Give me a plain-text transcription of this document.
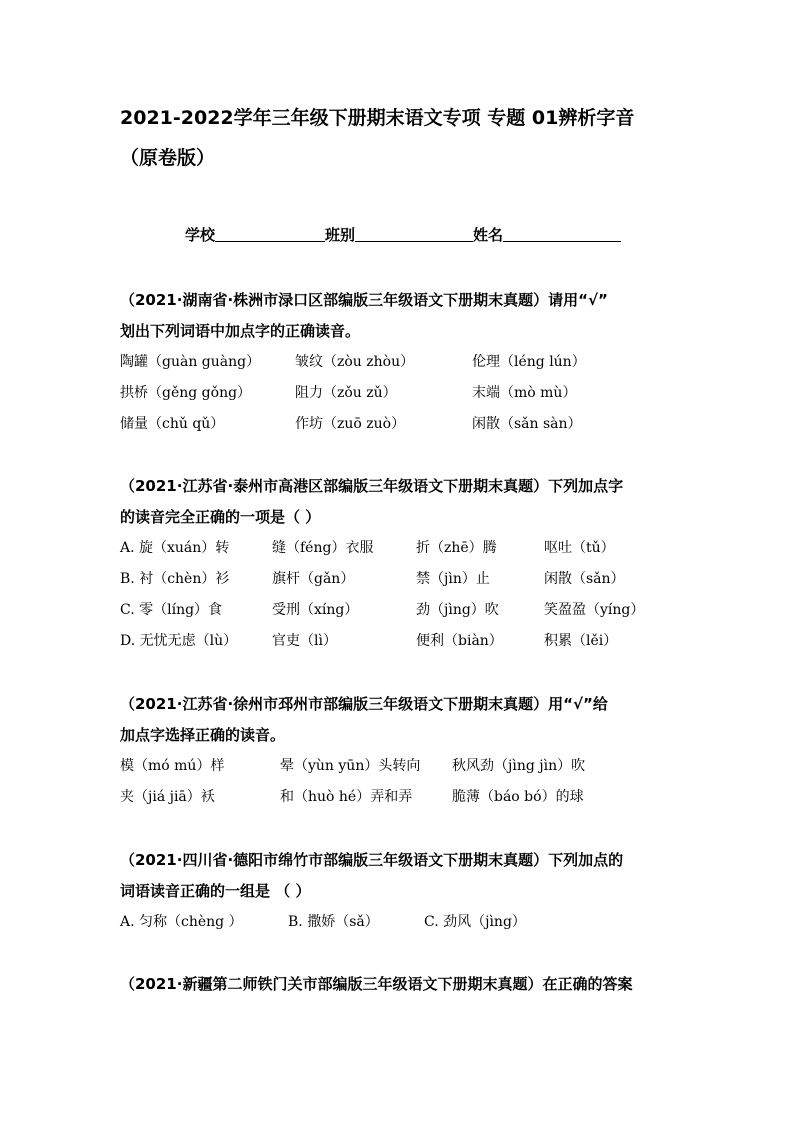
2021-2022学年三年级下册期末语文专项 专题 01辨析字音
（原卷版）
学校	班别	姓名
（2021·湖南省·株洲市渌口区部编版三年级语文下册期末真题）请用“√”
划出下列词语中加点字的正确读音。
陶罐（guàn guàng） 皱纹（zòu zhòu）	伦理（léng lún）
拱桥（gěng gǒng）	阻力（zǒu zǔ）	末端（mò mù）
储量（chǔ qǔ）	作坊（zuō zuò）	闲散（sǎn sàn）
（2021·江苏省·泰州市高港区部编版三年级语文下册期末真题）下列加点字
的读音完全正确的一项是（ ）
A. 旋（xuán）转	缝（féng）衣服	折（zhē）腾	呕吐（tǔ）
B. 衬（chèn）衫	旗杆（gǎn）	禁（jìn）止	闲散（sǎn）
C. 零（líng）食	受刑（xíng）	劲（jìng）吹	笑盈盈（yíng）
D. 无忧无虑（lù） 官吏（lì）	便利（biàn）	积累（lěi）
（2021·江苏省·徐州市邳州市部编版三年级语文下册期末真题）用“√”给
加点字选择正确的读音。
模（mó mú）样	晕（yùn yūn）头转向 秋风劲（jìng jìn）吹
夹（jiá jiā）袄	和（huò hé）弄和弄	脆薄（báo bó）的球
（2021·四川省·德阳市绵竹市部编版三年级语文下册期末真题）下列加点的
词语读音正确的一组是 （ ）
A. 匀称（chèng ）	B. 撒娇（sǎ）	C. 劲风（jìng）
（2021·新疆第二师铁门关市部编版三年级语文下册期末真题）在正确的答案
